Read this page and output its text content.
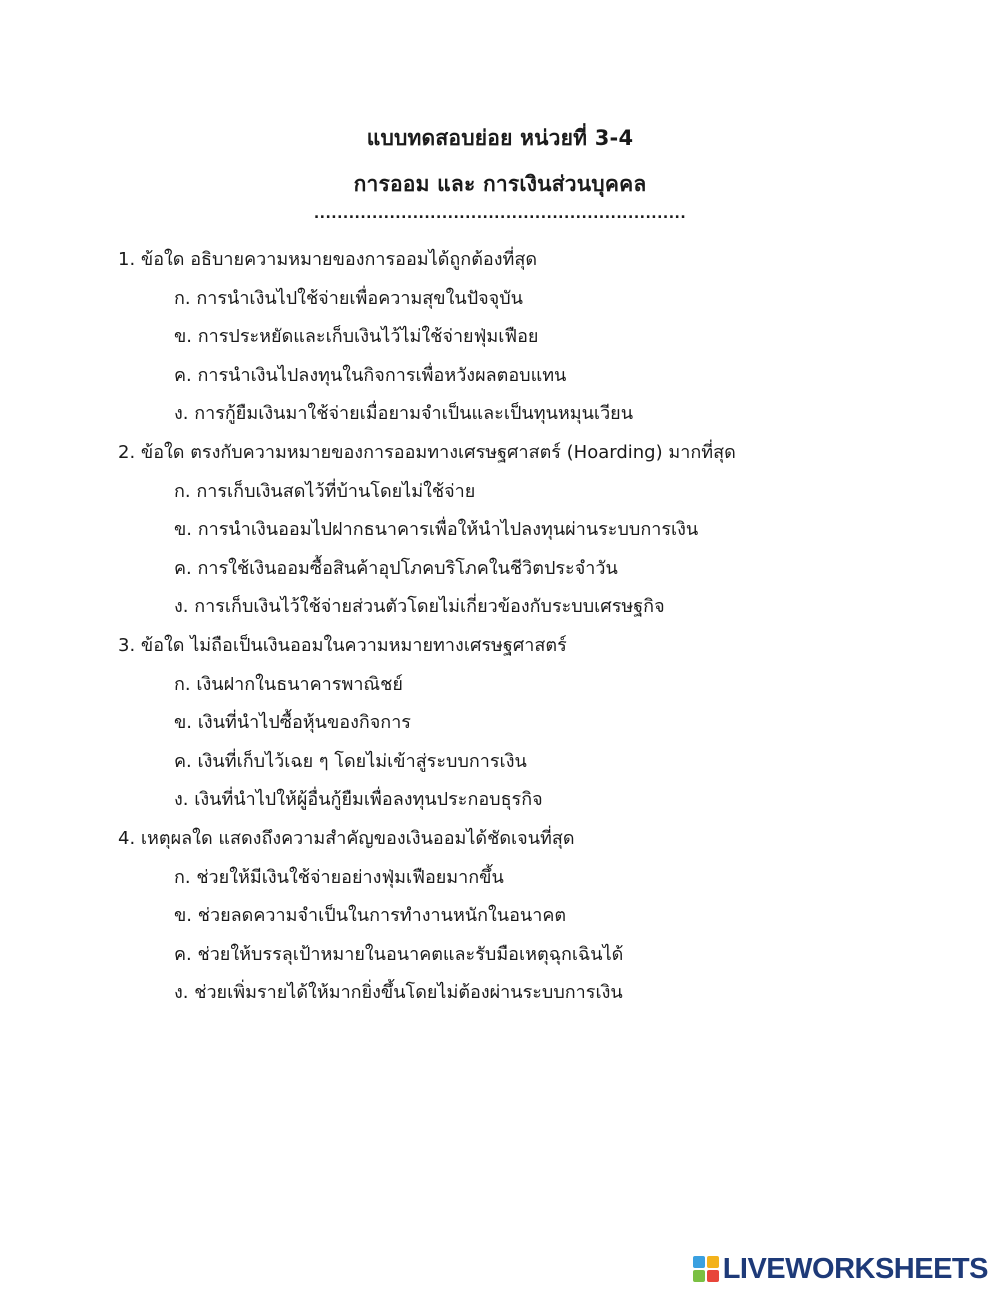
แบบทดสอบย่อย หน่วยที่ 3-4
การออม และ การเงินส่วนบุคคล
................................................................
1. ข้อใด อธิบายความหมายของการออมได้ถูกต้องที่สุด
ก. การนำเงินไปใช้จ่ายเพื่อความสุขในปัจจุบัน
ข. การประหยัดและเก็บเงินไว้ไม่ใช้จ่ายฟุ่มเฟือย
ค. การนำเงินไปลงทุนในกิจการเพื่อหวังผลตอบแทน
ง. การกู้ยืมเงินมาใช้จ่ายเมื่อยามจำเป็นและเป็นทุนหมุนเวียน
2. ข้อใด ตรงกับความหมายของการออมทางเศรษฐศาสตร์ (Hoarding) มากที่สุด
ก. การเก็บเงินสดไว้ที่บ้านโดยไม่ใช้จ่าย
ข. การนำเงินออมไปฝากธนาคารเพื่อให้นำไปลงทุนผ่านระบบการเงิน
ค. การใช้เงินออมซื้อสินค้าอุปโภคบริโภคในชีวิตประจำวัน
ง. การเก็บเงินไว้ใช้จ่ายส่วนตัวโดยไม่เกี่ยวข้องกับระบบเศรษฐกิจ
3. ข้อใด ไม่ถือเป็นเงินออมในความหมายทางเศรษฐศาสตร์
ก. เงินฝากในธนาคารพาณิชย์
ข. เงินที่นำไปซื้อหุ้นของกิจการ
ค. เงินที่เก็บไว้เฉย ๆ โดยไม่เข้าสู่ระบบการเงิน
ง. เงินที่นำไปให้ผู้อื่นกู้ยืมเพื่อลงทุนประกอบธุรกิจ
4. เหตุผลใด แสดงถึงความสำคัญของเงินออมได้ชัดเจนที่สุด
ก. ช่วยให้มีเงินใช้จ่ายอย่างฟุ่มเฟือยมากขึ้น
ข. ช่วยลดความจำเป็นในการทำงานหนักในอนาคต
ค. ช่วยให้บรรลุเป้าหมายในอนาคตและรับมือเหตุฉุกเฉินได้
ง. ช่วยเพิ่มรายได้ให้มากยิ่งขึ้นโดยไม่ต้องผ่านระบบการเงิน
LIVEWORKSHEETS
